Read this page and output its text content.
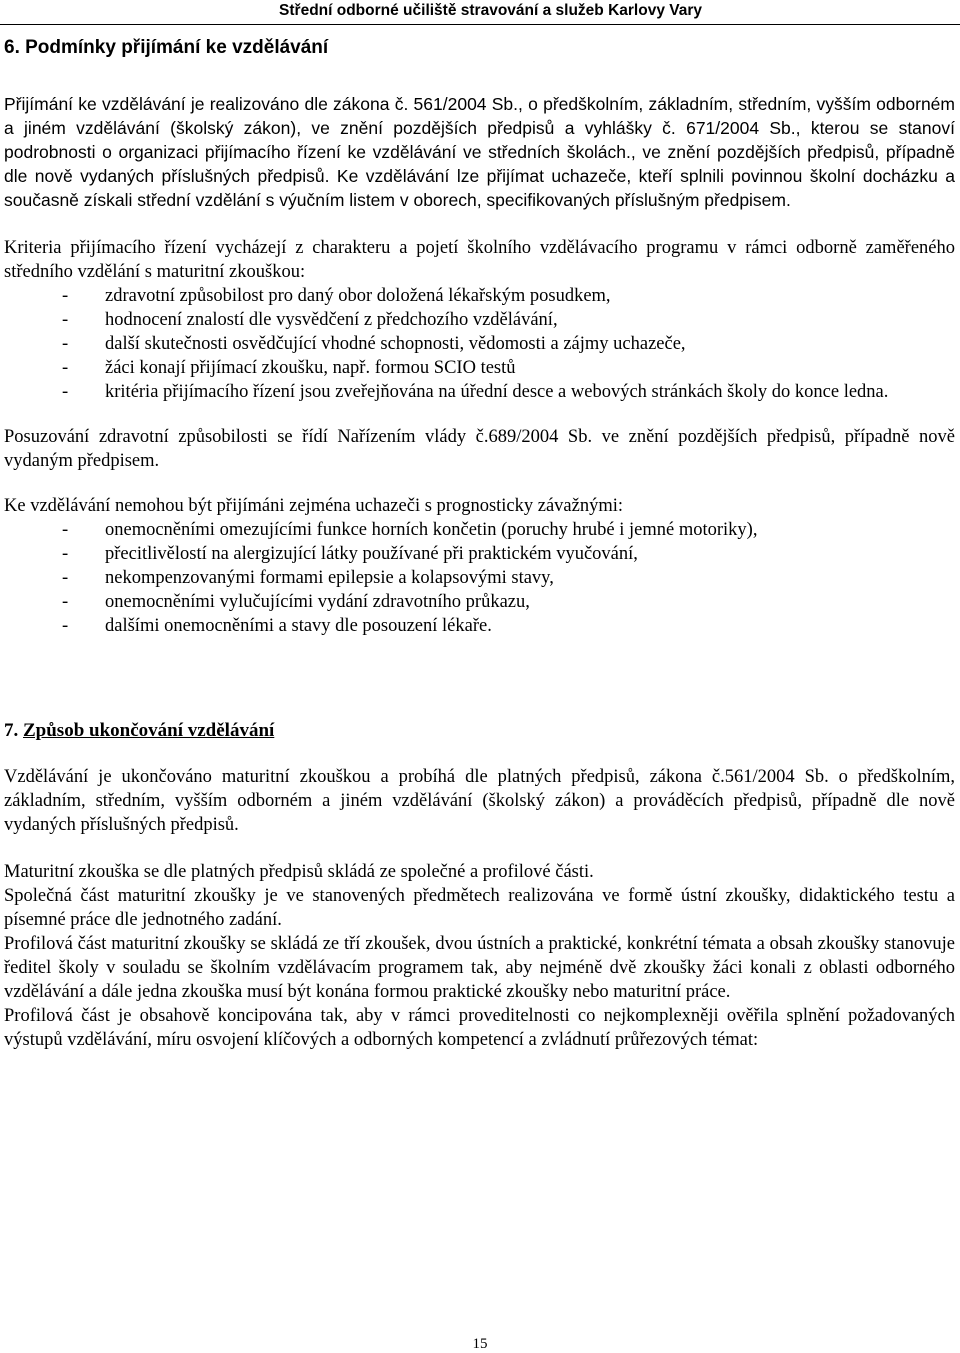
Střední odborné učiliště stravování a služeb Karlovy Vary
6. Podmínky přijímání ke vzdělávání

Přijímání ke vzdělávání je realizováno dle zákona č. 561/2004 Sb., o předškolním, základním, středním, vyšším odborném a jiném vzdělávání (školský zákon), ve znění pozdějších předpisů a vyhlášky č. 671/2004 Sb., kterou se stanoví podrobnosti o organizaci přijímacího řízení ke vzdělávání ve středních školách., ve znění pozdějších předpisů, případně dle nově vydaných příslušných předpisů. Ke vzdělávání lze přijímat uchazeče, kteří splnili povinnou školní docházku a současně získali střední vzdělání s výučním listem v oborech, specifikovaných příslušným předpisem.

Kriteria přijímacího řízení vycházejí z charakteru a pojetí školního vzdělávacího programu v rámci odborně zaměřeného středního vzdělání s maturitní zkouškou:

- zdravotní způsobilost pro daný obor doložená lékařským posudkem,
- hodnocení znalostí dle vysvědčení z předchozího vzdělávání,
- další skutečnosti osvědčující vhodné schopnosti, vědomosti a zájmy uchazeče,
- žáci konají přijímací zkoušku, např. formou SCIO testů
- kritéria přijímacího řízení jsou zveřejňována na úřední desce a webových stránkách školy do konce ledna.

Posuzování zdravotní způsobilosti se řídí Nařízením vlády č.689/2004 Sb. ve znění pozdějších předpisů, případně nově vydaným předpisem.

Ke vzdělávání nemohou být přijímáni zejména uchazeči s prognosticky závažnými:

- onemocněními omezujícími funkce horních končetin (poruchy hrubé i jemné motoriky),
- přecitlivělostí na alergizující látky používané při praktickém vyučování,
- nekompenzovanými formami epilepsie a kolapsovými stavy,
- onemocněními vylučujícími vydání zdravotního průkazu,
- dalšími onemocněními a stavy dle posouzení lékaře.
7. Způsob ukončování vzdělávání

Vzdělávání je ukončováno maturitní zkouškou a probíhá dle platných předpisů, zákona č.561/2004 Sb. o předškolním, základním, středním, vyšším odborném a jiném vzdělávání (školský zákon) a prováděcích předpisů, případně dle nově vydaných příslušných předpisů.

Maturitní zkouška se dle platných předpisů skládá ze společné a profilové části.

Společná část maturitní zkoušky je ve stanovených předmětech realizována ve formě ústní zkoušky, didaktického testu a písemné práce dle jednotného zadání.

Profilová část maturitní zkoušky se skládá ze tří zkoušek, dvou ústních a praktické, konkrétní témata a obsah zkoušky stanovuje ředitel školy v souladu se školním vzdělávacím programem tak, aby nejméně dvě zkoušky žáci konali z oblasti odborného vzdělávání a dále jedna zkouška musí být konána formou praktické zkoušky nebo maturitní práce.

Profilová část je obsahově koncipována tak, aby v rámci proveditelnosti co nejkomplexněji ověřila splnění požadovaných výstupů vzdělávání, míru osvojení klíčových a odborných kompetencí a zvládnutí průřezových témat:

15
